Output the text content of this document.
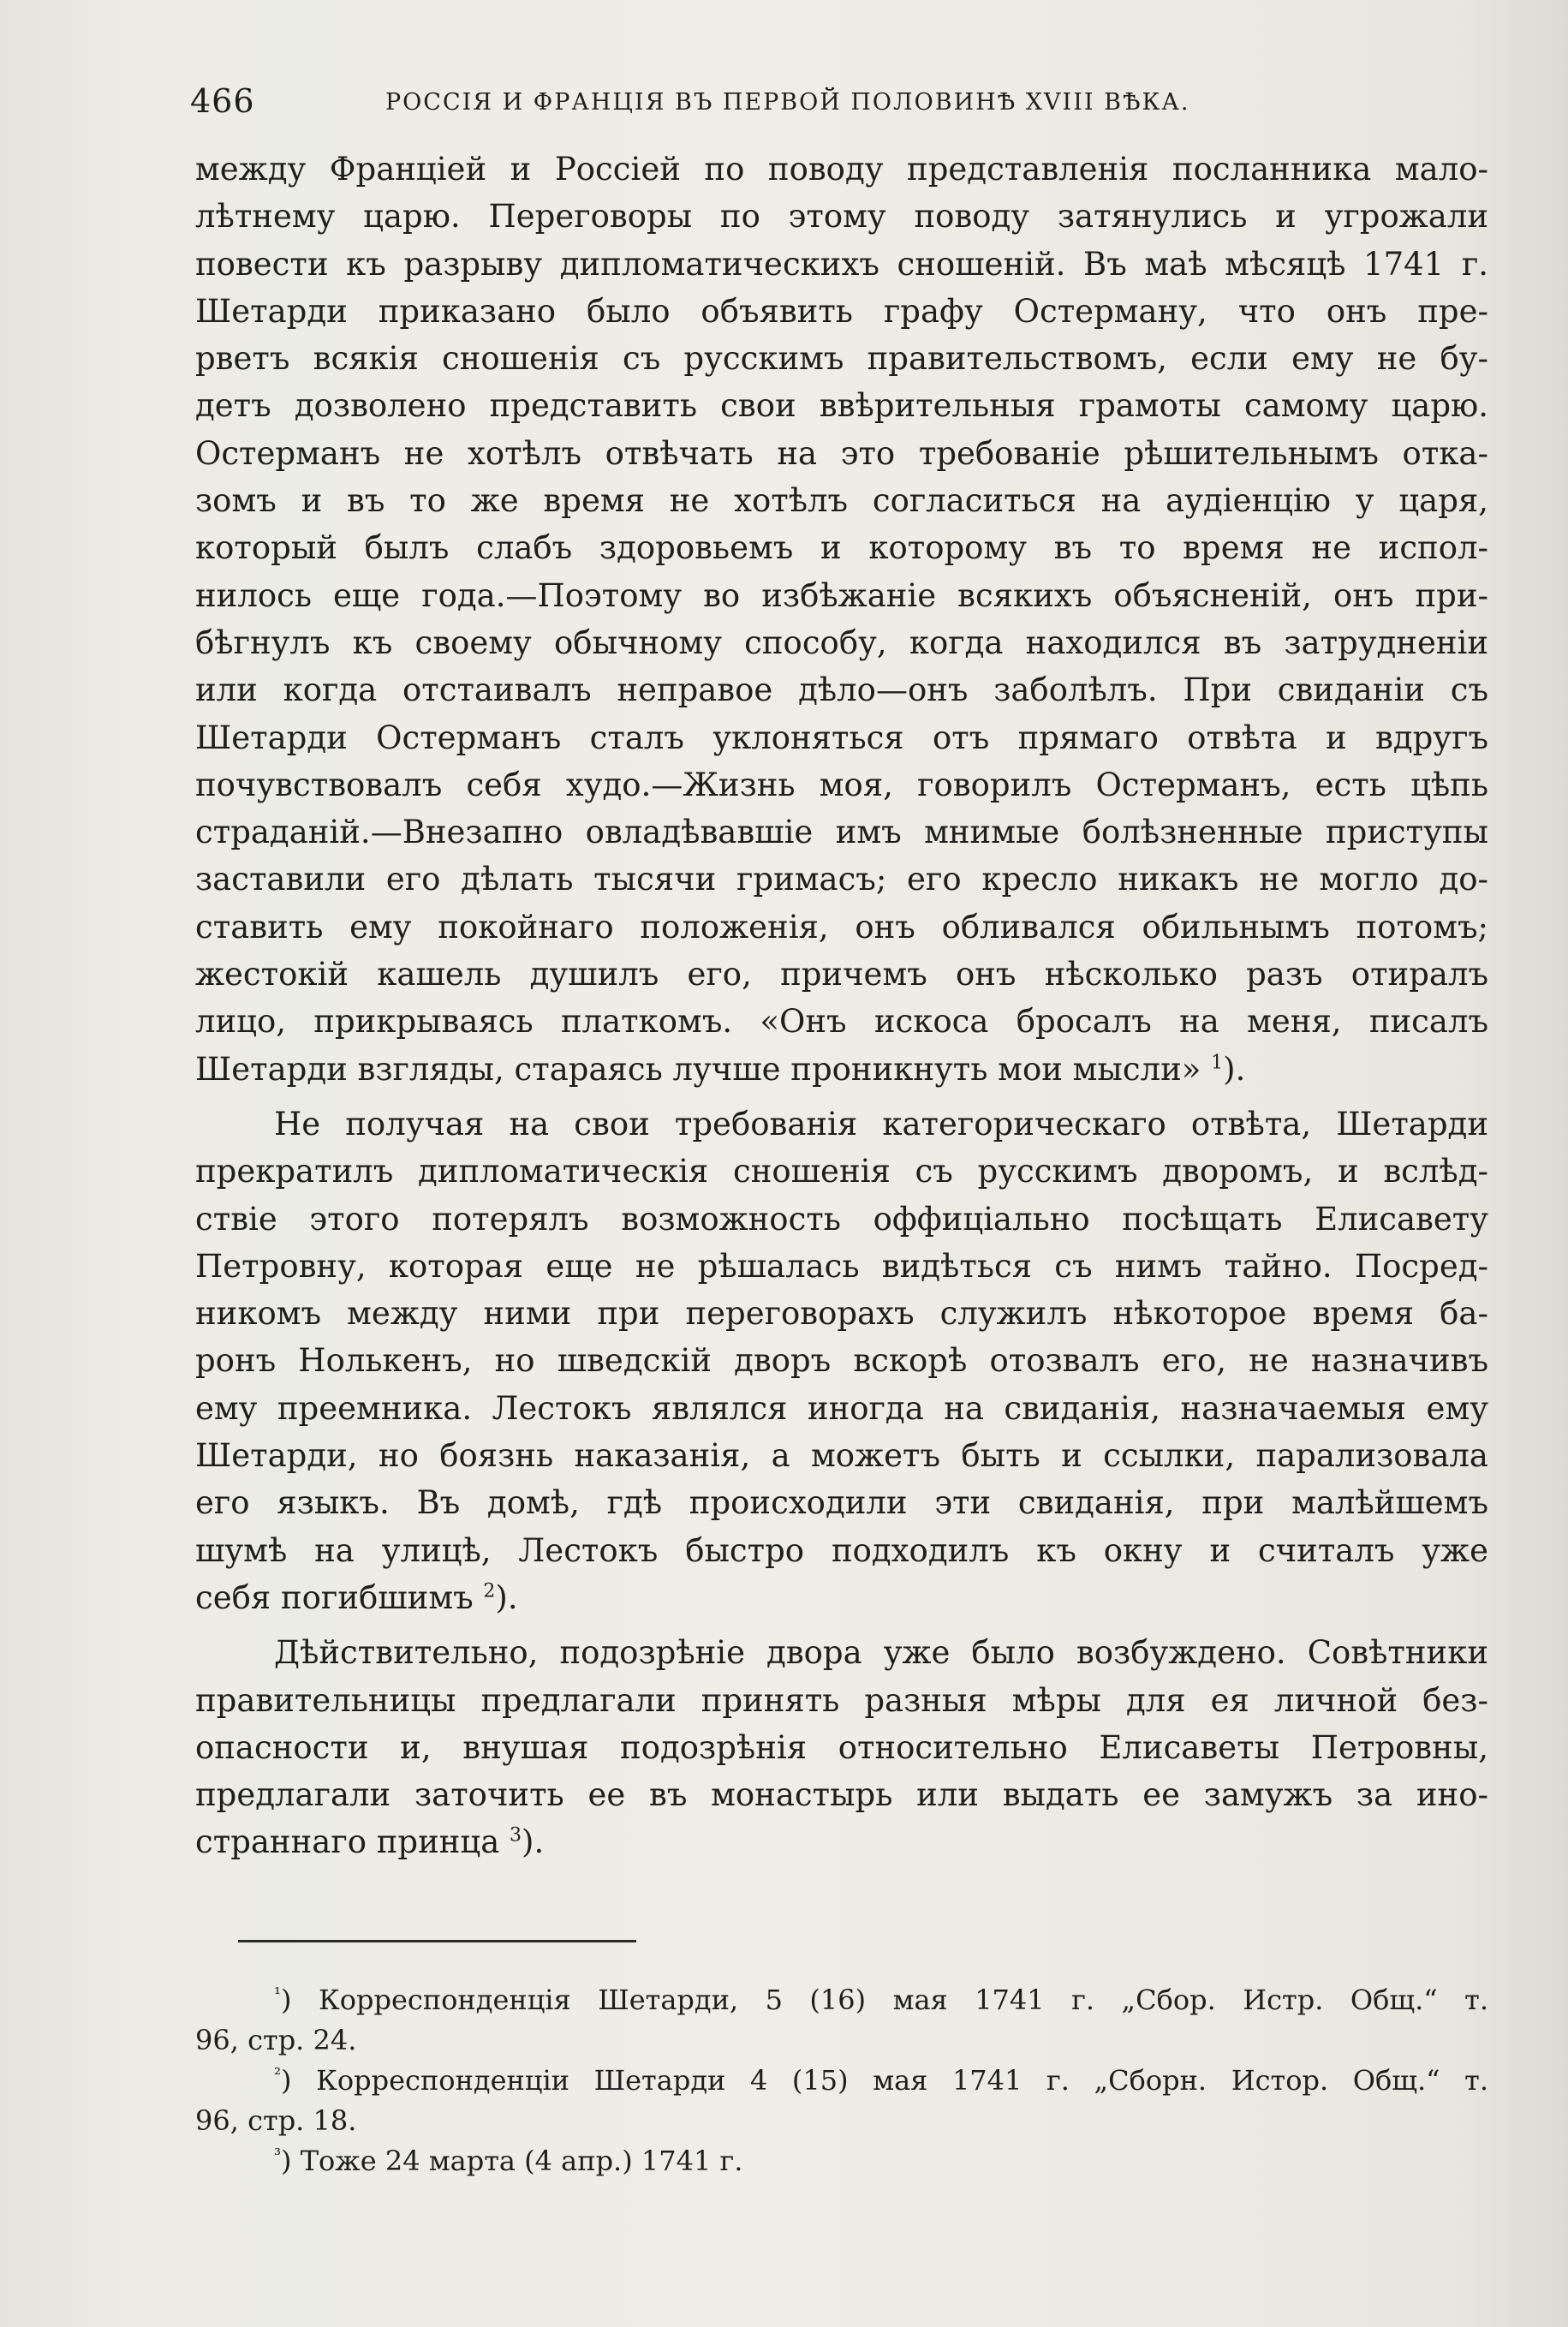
466	РОССІЯ И ФРАНЦІЯ ВЪ ПЕРВОЙ ПОЛОВИНѢ XVIII ВѢКА.
между Франціей и Россіей по поводу представленія посланника мало-
лѣтнему царю. Переговоры по этому поводу затянулись и угрожали
повести къ разрыву дипломатическихъ сношеній. Въ маѣ мѣсяцѣ 1741 г.
Шетарди приказано было объявить графу Остерману, что онъ пре-
рветъ всякія сношенія съ русскимъ правительствомъ, если ему не бу-
детъ дозволено представить свои ввѣрительныя грамоты самому царю.
Остерманъ не хотѣлъ отвѣчать на это требованіе рѣшительнымъ отка-
зомъ и въ то же время не хотѣлъ согласиться на аудіенцію у царя,
который былъ слабъ здоровьемъ и которому въ то время не испол-
нилось еще года.—Поэтому во избѣжаніе всякихъ объясненій, онъ при-
бѣгнулъ къ своему обычному способу, когда находился въ затрудненіи
или когда отстаивалъ неправое дѣло—онъ заболѣлъ. При свиданіи съ
Шетарди Остерманъ сталъ уклоняться отъ прямаго отвѣта и вдругъ
почувствовалъ себя худо.—Жизнь моя, говорилъ Остерманъ, есть цѣпь
страданій.—Внезапно овладѣвавшіе имъ мнимые болѣзненные приступы
заставили его дѣлать тысячи гримасъ; его кресло никакъ не могло до-
ставить ему покойнаго положенія, онъ обливался обильнымъ потомъ;
жестокій кашель душилъ его, причемъ онъ нѣсколько разъ отиралъ
лицо, прикрываясь платкомъ. «Онъ искоса бросалъ на меня, писалъ
Шетарди взгляды, стараясь лучше проникнуть мои мысли» $^1$).
Не получая на свои требованія категорическаго отвѣта, Шетарди
прекратилъ дипломатическія сношенія съ русскимъ дворомъ, и вслѣд-
ствіе этого потерялъ возможность оффиціально посѣщать Елисавету
Петровну, которая еще не рѣшалась видѣться съ нимъ тайно. Посред-
никомъ между ними при переговорахъ служилъ нѣкоторое время ба-
ронъ Нолькенъ, но шведскій дворъ вскорѣ отозвалъ его, не назначивъ
ему преемника. Лестокъ являлся иногда на свиданія, назначаемыя ему
Шетарди, но боязнь наказанія, а можетъ быть и ссылки, парализовала
его языкъ. Въ домѣ, гдѣ происходили эти свиданія, при малѣйшемъ
шумѣ на улицѣ, Лестокъ быстро подходилъ къ окну и считалъ уже
себя погибшимъ $^2$).
Дѣйствительно, подозрѣніе двора уже было возбуждено. Совѣтники
правительницы предлагали принять разныя мѣры для ея личной без-
опасности и, внушая подозрѣнія относительно Елисаветы Петровны,
предлагали заточить ее въ монастырь или выдать ее замужъ за ино-
страннаго принца $^3$).
$^{^1}$) Корреспонденція Шетарди, 5 (16) мая 1741 г. „Сбор. Истр. Общ.“ т.
96, стр. 24.
$^{^2}$) Корреспонденціи Шетарди 4 (15) мая 1741 г. „Сборн. Истор. Общ.“ т.
96, стр. 18.
$^{^3}$) Тоже 24 марта (4 апр.) 1741 г.
